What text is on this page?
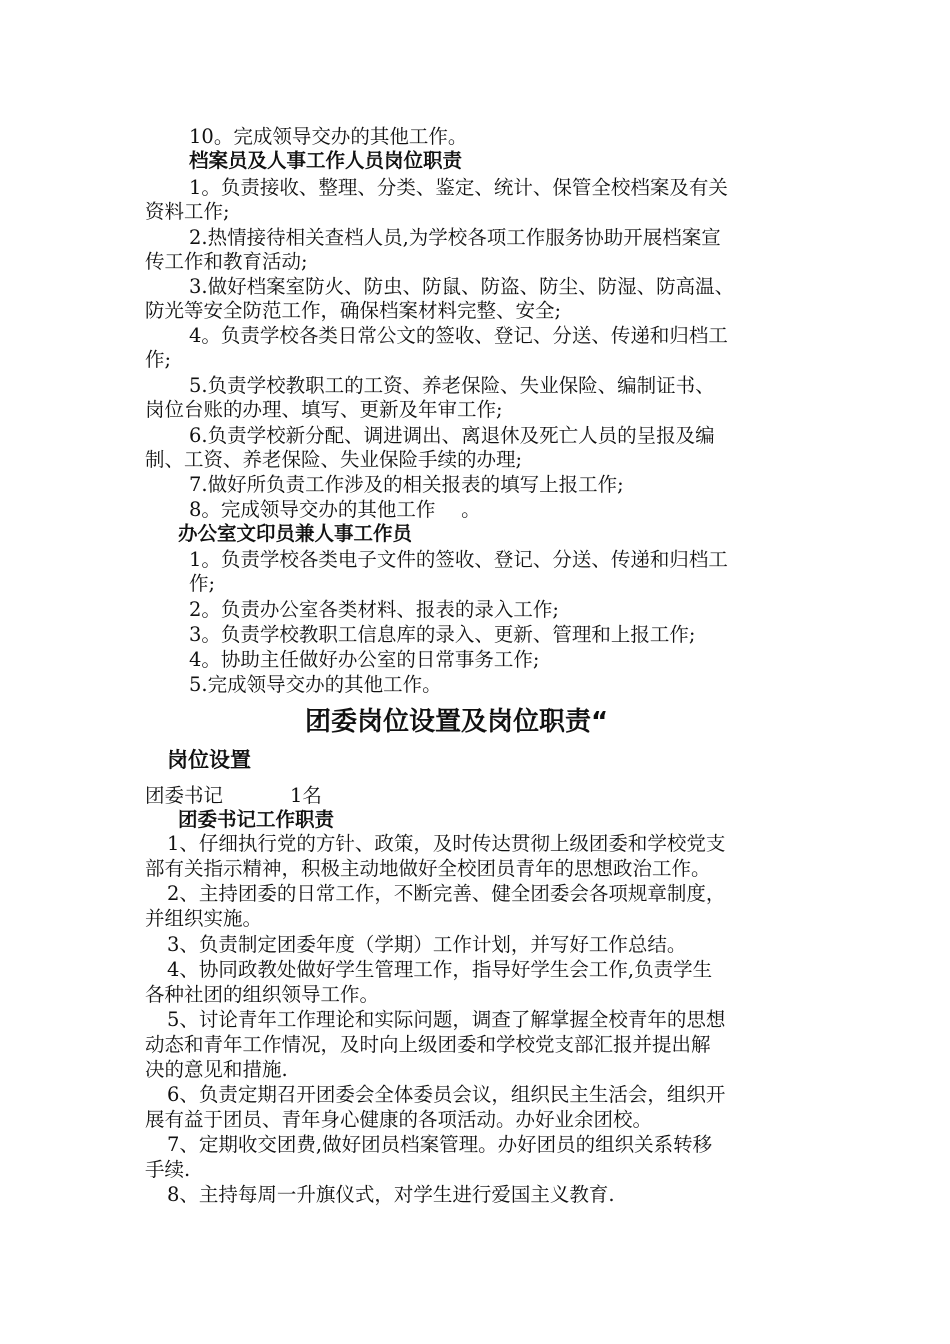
10。完成领导交办的其他工作。
档案员及人事工作人员岗位职责
1。负责接收、整理、分类、鉴定、统计、保管全校档案及有关
资料工作;
2.热情接待相关查档人员,为学校各项工作服务协助开展档案宣
传工作和教育活动;
3.做好档案室防火、防虫、防鼠、防盗、防尘、防湿、防高温、
防光等安全防范工作，确保档案材料完整、安全;
4。负责学校各类日常公文的签收、登记、分送、传递和归档工
作;
5.负责学校教职工的工资、养老保险、失业保险、编制证书、
岗位台账的办理、填写、更新及年审工作;
6.负责学校新分配、调进调出、离退休及死亡人员的呈报及编
制、工资、养老保险、失业保险手续的办理;
7.做好所负责工作涉及的相关报表的填写上报工作;
8。完成领导交办的其他工作　 。
办公室文印员兼人事工作员
1。负责学校各类电子文件的签收、登记、分送、传递和归档工
作;
2。负责办公室各类材料、报表的录入工作;
3。负责学校教职工信息库的录入、更新、管理和上报工作;
4。协助主任做好办公室的日常事务工作;
5.完成领导交办的其他工作。
团委岗位设置及岗位职责“
岗位设置
团委书记	1名
团委书记工作职责
1、仔细执行党的方针、政策，及时传达贯彻上级团委和学校党支
部有关指示精神，积极主动地做好全校团员青年的思想政治工作。
2、主持团委的日常工作，不断完善、健全团委会各项规章制度，
并组织实施。
3、负责制定团委年度（学期）工作计划，并写好工作总结。
4、协同政教处做好学生管理工作，指导好学生会工作,负责学生
各种社团的组织领导工作。
5、讨论青年工作理论和实际问题，调查了解掌握全校青年的思想
动态和青年工作情况，及时向上级团委和学校党支部汇报并提出解
决的意见和措施.
6、负责定期召开团委会全体委员会议，组织民主生活会，组织开
展有益于团员、青年身心健康的各项活动。办好业余团校。
7、定期收交团费,做好团员档案管理。办好团员的组织关系转移
手续.
8、主持每周一升旗仪式，对学生进行爱国主义教育.
